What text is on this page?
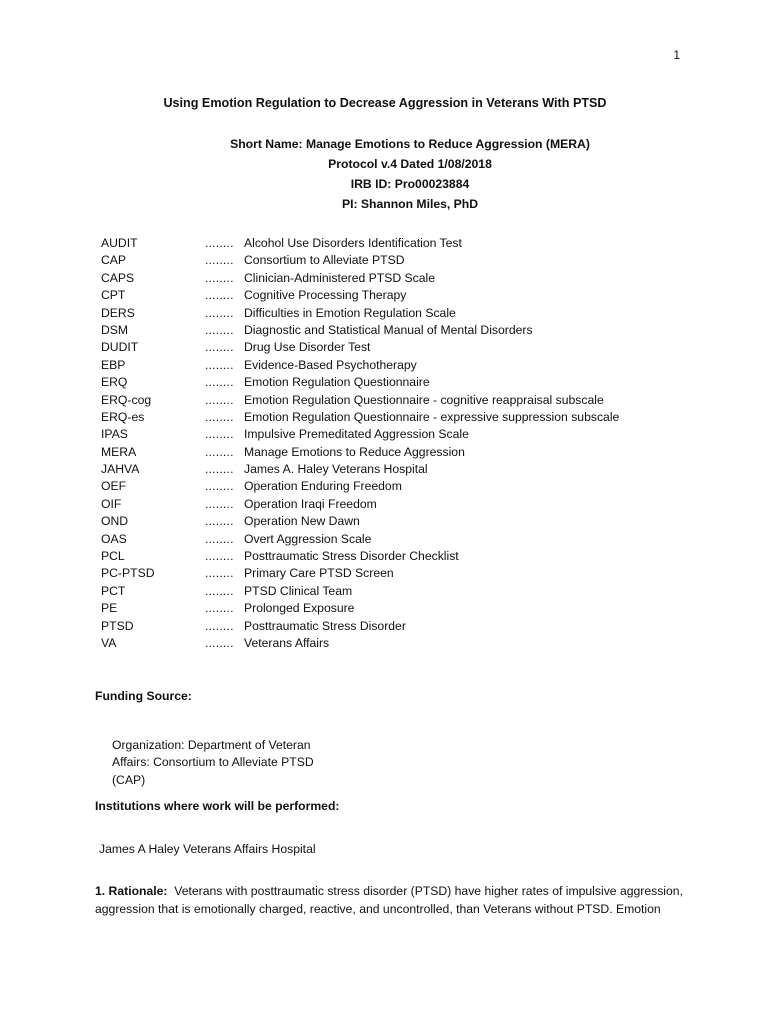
1
Using Emotion Regulation to Decrease Aggression in Veterans With PTSD
Short Name: Manage Emotions to Reduce Aggression (MERA)
Protocol v.4 Dated 1/08/2018
IRB ID: Pro00023884
PI: Shannon Miles, PhD
AUDIT	........ Alcohol Use Disorders Identification Test
CAP	........ Consortium to Alleviate PTSD
CAPS	........ Clinician-Administered PTSD Scale
CPT	........ Cognitive Processing Therapy
DERS	........ Difficulties in Emotion Regulation Scale
DSM	........ Diagnostic and Statistical Manual of Mental Disorders
DUDIT	........ Drug Use Disorder Test
EBP	........ Evidence-Based Psychotherapy
ERQ	........ Emotion Regulation Questionnaire
ERQ-cog	........ Emotion Regulation Questionnaire - cognitive reappraisal subscale
ERQ-es	........ Emotion Regulation Questionnaire - expressive suppression subscale
IPAS	........ Impulsive Premeditated Aggression Scale
MERA	........ Manage Emotions to Reduce Aggression
JAHVA	........ James A. Haley Veterans Hospital
OEF	........ Operation Enduring Freedom
OIF	........ Operation Iraqi Freedom
OND	........ Operation New Dawn
OAS	........ Overt Aggression Scale
PCL	........ Posttraumatic Stress Disorder Checklist
PC-PTSD	........ Primary Care PTSD Screen
PCT	........ PTSD Clinical Team
PE	........ Prolonged Exposure
PTSD	........ Posttraumatic Stress Disorder
VA	........ Veterans Affairs
Funding Source:
Organization: Department of Veteran
Affairs: Consortium to Alleviate PTSD
(CAP)
Institutions where work will be performed:
James A Haley Veterans Affairs Hospital
1. Rationale: Veterans with posttraumatic stress disorder (PTSD) have higher rates of impulsive aggression, aggression that is emotionally charged, reactive, and uncontrolled, than Veterans without PTSD. Emotion
